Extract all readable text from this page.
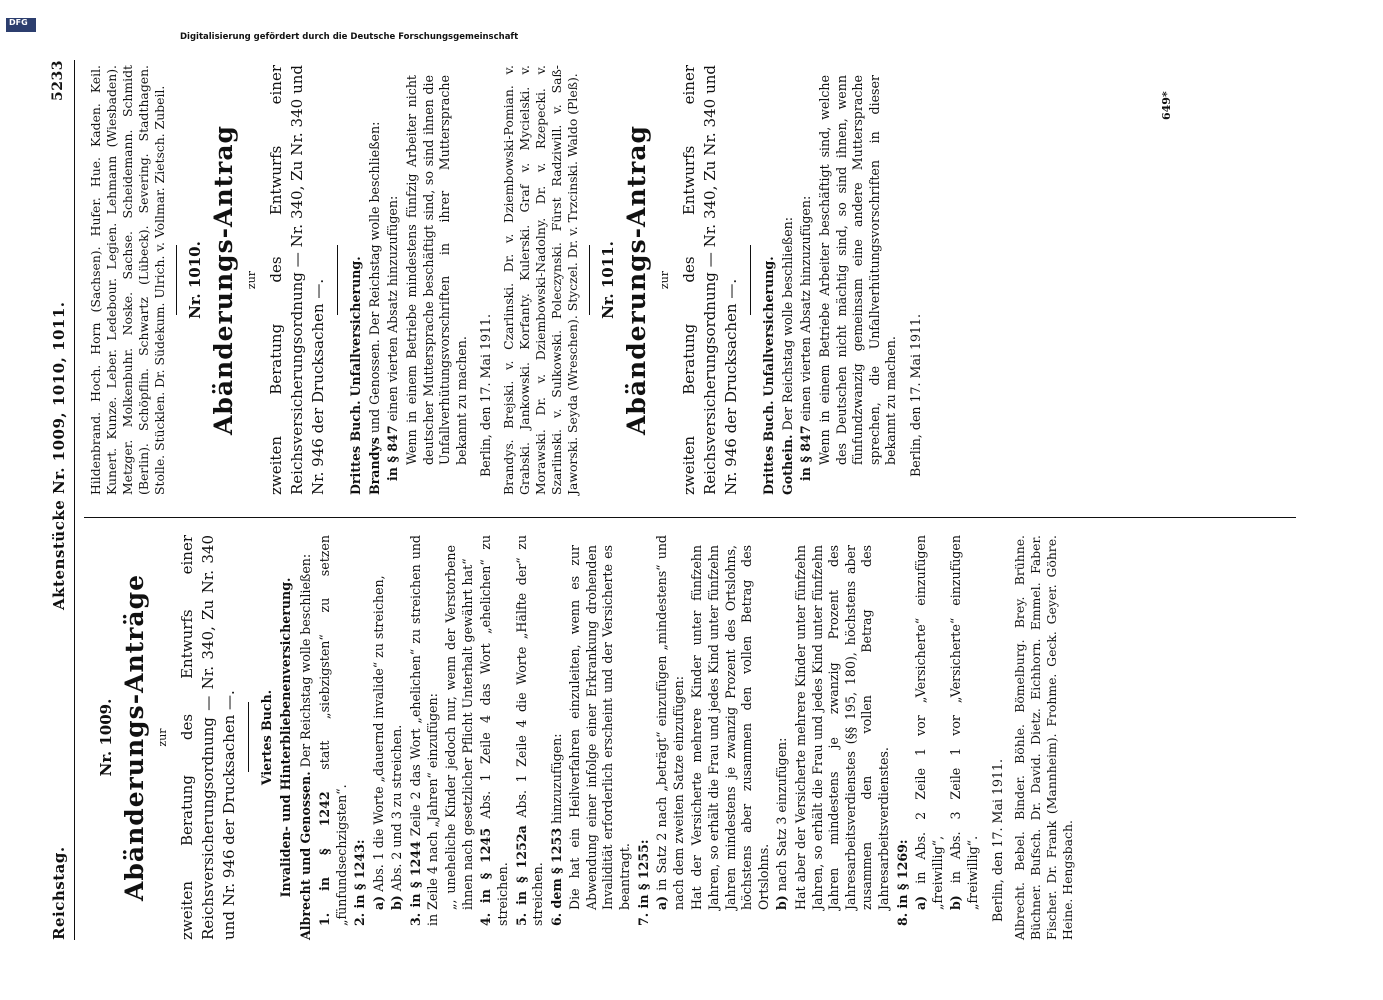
Reichstag.
Aktenstücke Nr. 1009, 1010, 1011.
5233
Nr. 1009. Abänderungs-Anträge zur zweiten Beratung des Entwurfs einer Reichsversicherungsordnung — Nr. 340, Zu Nr. 340 und Nr. 946 der Drucksachen —. Viertes Buch. Invaliden- und Hinterbliebenenversicherung. Albrecht und Genossen. Der Reichstag wolle beschließen:

1. in § 1242 statt „siebzigsten“ zu setzen „fünfundsechzigsten“. 2. in § 1243: a) Abs. 1 die Worte „dauernd invalide“ zu streichen,

b) Abs. 2 und 3 zu streichen. 3. in § 1244 Zeile 2 das Wort „ehelichen“ zu streichen und in Zeile 4 nach „Jahren“ einzufügen: „, uneheliche Kinder jedoch nur, wenn der Verstorbene ihnen nach gesetzlicher Pflicht Unterhalt gewährt hat“ 4. in § 1245 Abs. 1 Zeile 4 das Wort „ehelichen“ zu streichen. 5. in § 1252a Abs. 1 Zeile 4 die Worte „Hälfte der“ zu streichen. 6. dem § 1253 hinzuzufügen: Die hat ein Heilverfahren einzuleiten, wenn es zur Abwendung einer infolge einer Erkrankung drohenden Invalidität erforderlich erscheint und der Versicherte es beantragt. 7. in § 1255: a) in Satz 2 nach „beträgt“ einzufügen „mindestens“ und nach dem zweiten Satze einzufügen: Hat der Versicherte mehrere Kinder unter fünfzehn Jahren, so erhält die Frau und jedes Kind unter fünfzehn Jahren mindestens je zwanzig Prozent des Ortslohns, höchstens aber zusammen den vollen Betrag des Ortslohns. b) nach Satz 3 einzufügen: Hat aber der Versicherte mehrere Kinder unter fünfzehn Jahren, so erhält die Frau und jedes Kind unter fünfzehn Jahren mindestens je zwanzig Prozent des Jahresarbeitsverdienstes (§§ 195, 180), höchstens aber zusammen den vollen Betrag des Jahresarbeitsverdienstes. 8. in § 1269: a) in Abs. 2 Zeile 1 vor „Versicherte“ einzufügen „freiwillig“, b) in Abs. 3 Zeile 1 vor „Versicherte“ einzufügen „freiwillig“. Berlin, den 17. Mai 1911. Albrecht. Bebel. Binder. Böhle. Bömelburg. Brey. Brühne. Büchner. Bufsch. Dr. David. Dietz. Eichhorn. Emmel. Faber. Fischer. Dr. Frank (Mannheim). Frohme. Geck. Geyer. Göhre. Heine. Hengsbach.
Hildenbrand. Hoch. Horn (Sachsen). Hufer. Hue. Kaden. Keil. Kunert. Kunze. Leber. Ledebour. Legien. Lehmann (Wiesbaden). Metzger. Molkenbuhr. Noske. Sachse. Scheidemann. Schmidt (Berlin). Schöpflin. Schwartz (Lübeck). Severing. Stadthagen. Stolle. Stücklen. Dr. Südekum. Ulrich. v. Vollmar. Zietsch. Zubeil. Nr. 1010. Abänderungs-Antrag zur zweiten Beratung des Entwurfs einer Reichsversicherungsordnung — Nr. 340, Zu Nr. 340 und Nr. 946 der Drucksachen —. Drittes Buch. Unfallversicherung.

Brandys und Genossen. Der Reichstag wolle beschließen:

in § 847 einen vierten Absatz hinzuzufügen: Wenn in einem Betriebe mindestens fünfzig Arbeiter nicht deutscher Muttersprache beschäftigt sind, so sind ihnen die Unfallverhütungsvorschriften in ihrer Muttersprache bekannt zu machen. Berlin, den 17. Mai 1911. Brandys. Brejski. v. Czarlinski. Dr. v. Dziembowski-Pomian. v. Grabski. Jankowski. Korfanty. Kulerski. Graf v. Mycielski. v. Morawski. Dr. v. Dziembowski-Nadolny. Dr. v. Rzepecki. v. Szarlinski. v. Sulkowski. Poleczynski. Fürst Radziwill. v. Saß-Jaworski. Seyda (Wreschen). Styczel. Dr. v. Trzcinski. Waldo (Pleß). Nr. 1011. Abänderungs-Antrag zur zweiten Beratung des Entwurfs einer Reichsversicherungsordnung — Nr. 340, Zu Nr. 340 und Nr. 946 der Drucksachen —. Drittes Buch. Unfallversicherung.

Gothein. Der Reichstag wolle beschließen:

in § 847 einen vierten Absatz hinzuzufügen: Wenn in einem Betriebe Arbeiter beschäftigt sind, welche des Deutschen nicht mächtig sind, so sind ihnen, wenn fünfundzwanzig gemeinsam eine andere Muttersprache sprechen, die Unfallverhütungsvorschriften in dieser bekannt zu machen. Berlin, den 17. Mai 1911.
649*
DFG
Digitalisierung gefördert durch die Deutsche Forschungsgemeinschaft
